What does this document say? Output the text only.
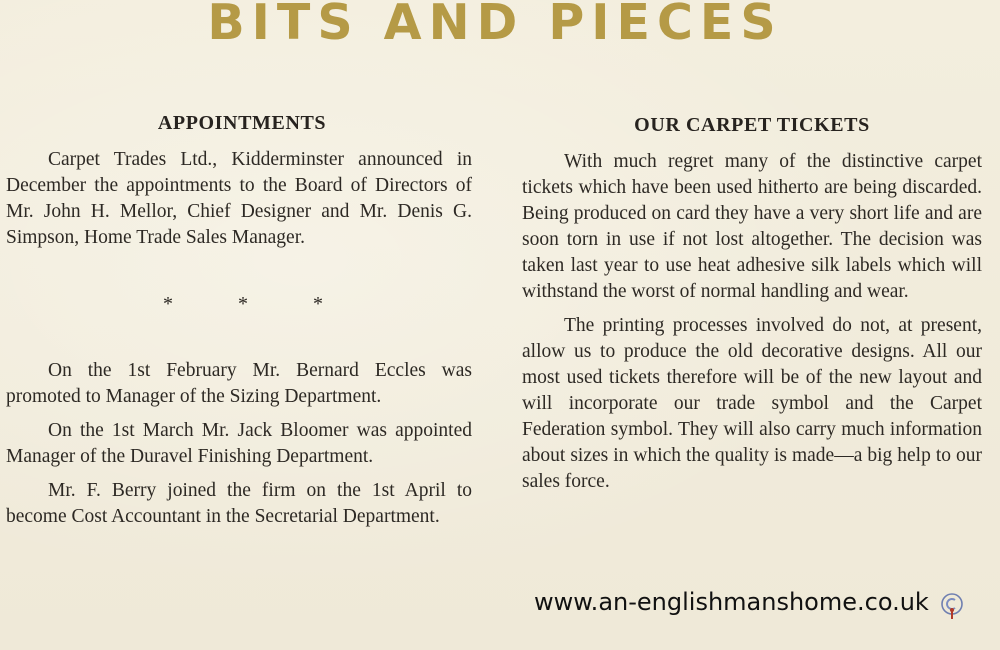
BITS AND PIECES
APPOINTMENTS

Carpet Trades Ltd., Kidderminster announced in December the appointments to the Board of Directors of Mr. John H. Mellor, Chief Designer and Mr. Denis G. Simpson, Home Trade Sales Manager.

*	*	*

On the 1st February Mr. Bernard Eccles was promoted to Manager of the Sizing Department.

On the 1st March Mr. Jack Bloomer was appointed Manager of the Duravel Finishing Department.

Mr. F. Berry joined the firm on the 1st April to become Cost Accountant in the Secretarial Department.

OUR CARPET TICKETS

With much regret many of the distinctive carpet tickets which have been used hitherto are being discarded. Being produced on card they have a very short life and are soon torn in use if not lost altogether. The decision was taken last year to use heat adhesive silk labels which will withstand the worst of normal handling and wear.

The printing processes involved do not, at present, allow us to produce the old decorative designs. All our most used tickets therefore will be of the new layout and will incorporate our trade symbol and the Carpet Federation symbol. They will also carry much information about sizes in which the quality is made—a big help to our sales force.

www.an-englishmanshome.co.uk
